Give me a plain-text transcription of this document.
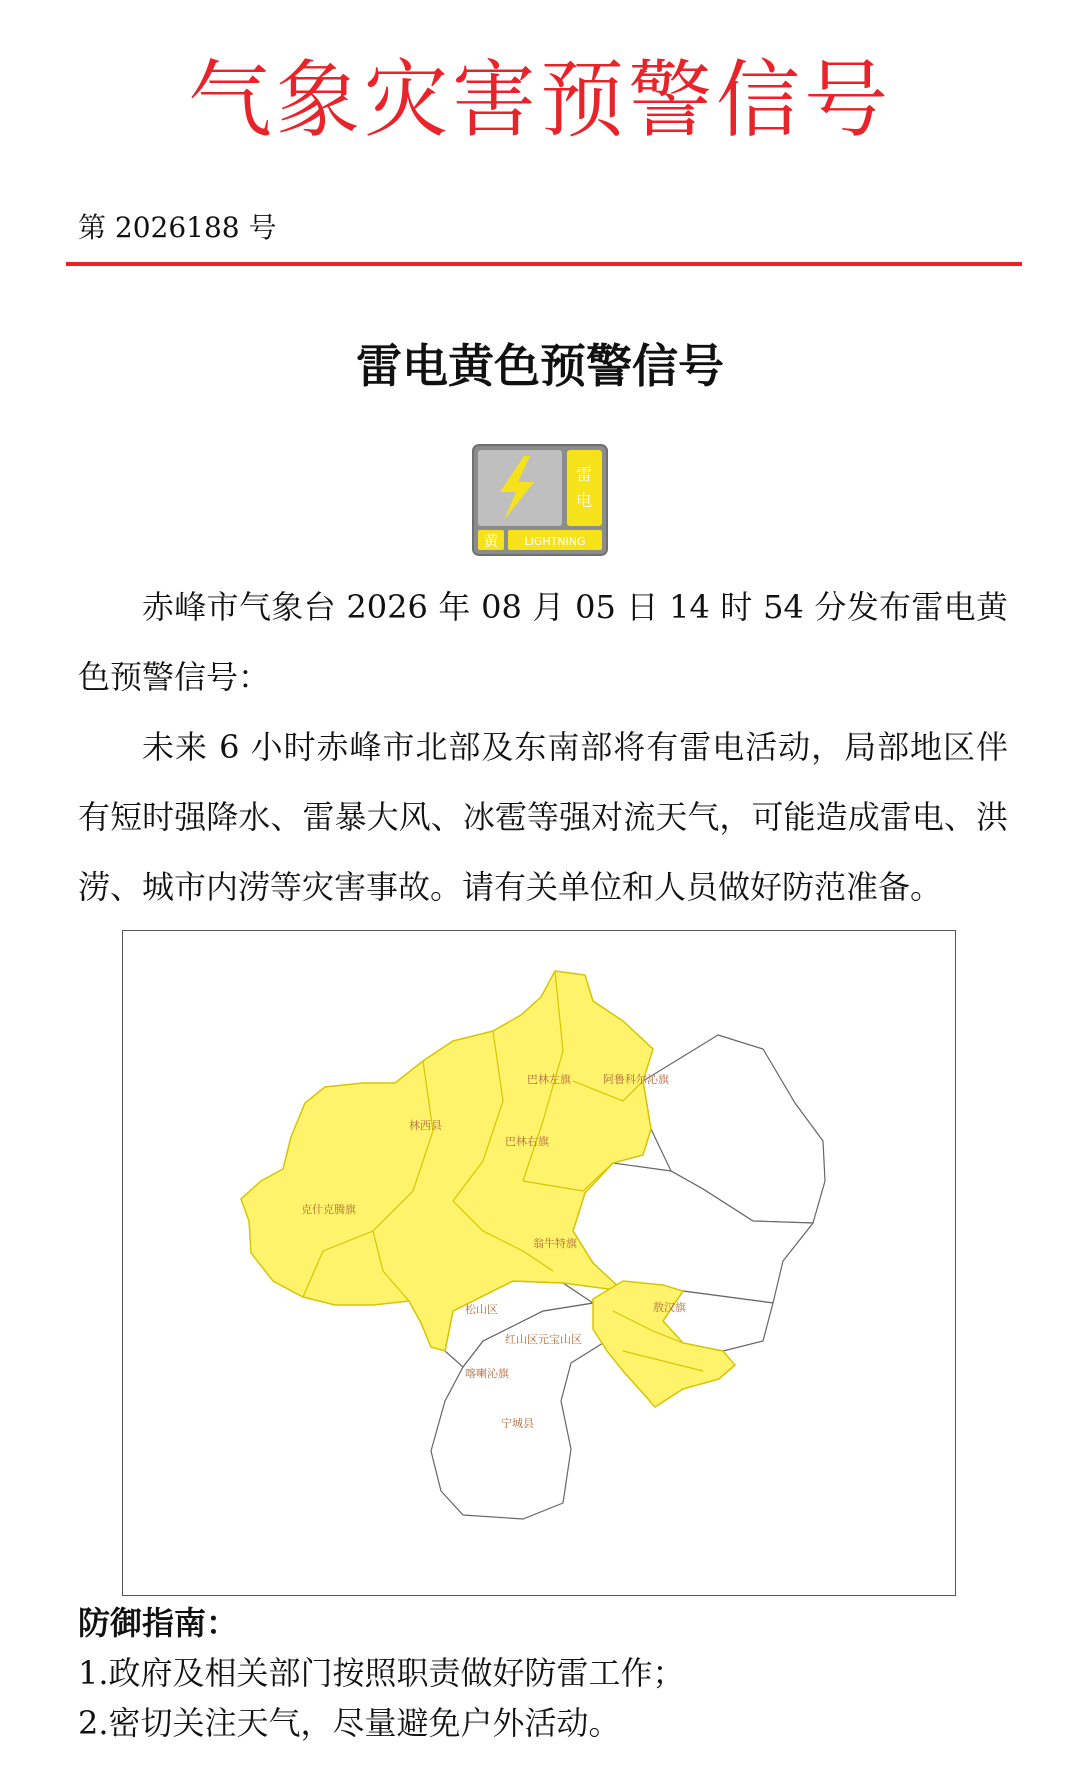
气象灾害预警信号
第 2026188 号
雷电黄色预警信号
雷
电
黄 LIGHTNING

赤峰市气象台 2026 年 08 月 05 日 14 时 54 分发布雷电黄色预警信号：

未来 6 小时赤峰市北部及东南部将有雷电活动，局部地区伴有短时强降水、雷暴大风、冰雹等强对流天气，可能造成雷电、洪涝、城市内涝等灾害事故。请有关单位和人员做好防范准备。

巴林左旗	阿鲁科尔沁旗
林西县
巴林右旗
克什克腾旗
翁牛特旗
敖汉旗
松山区
红山区元宝山区
喀喇沁旗
宁城县
防御指南：
1.政府及相关部门按照职责做好防雷工作；
2.密切关注天气，尽量避免户外活动。
